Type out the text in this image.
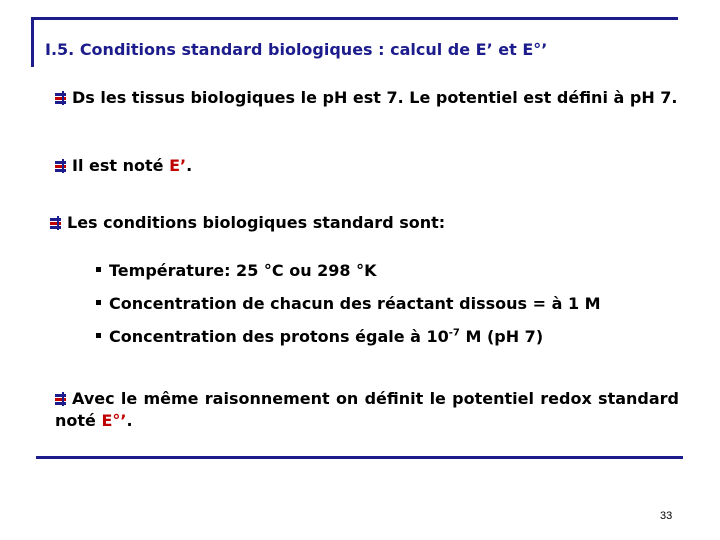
I.5. Conditions standard biologiques : calcul de E’ et E°’
Ds les tissus biologiques le pH est 7. Le potentiel est défini à pH 7.
Il est noté E’.
Les conditions biologiques standard sont:
Température: 25 °C ou 298 °K
Concentration de chacun des réactant dissous = à 1 M
Concentration des protons égale à $10^{-7}$ M (pH 7)
Avec le même raisonnement on définit le potentiel redox standard noté E°’.
33
